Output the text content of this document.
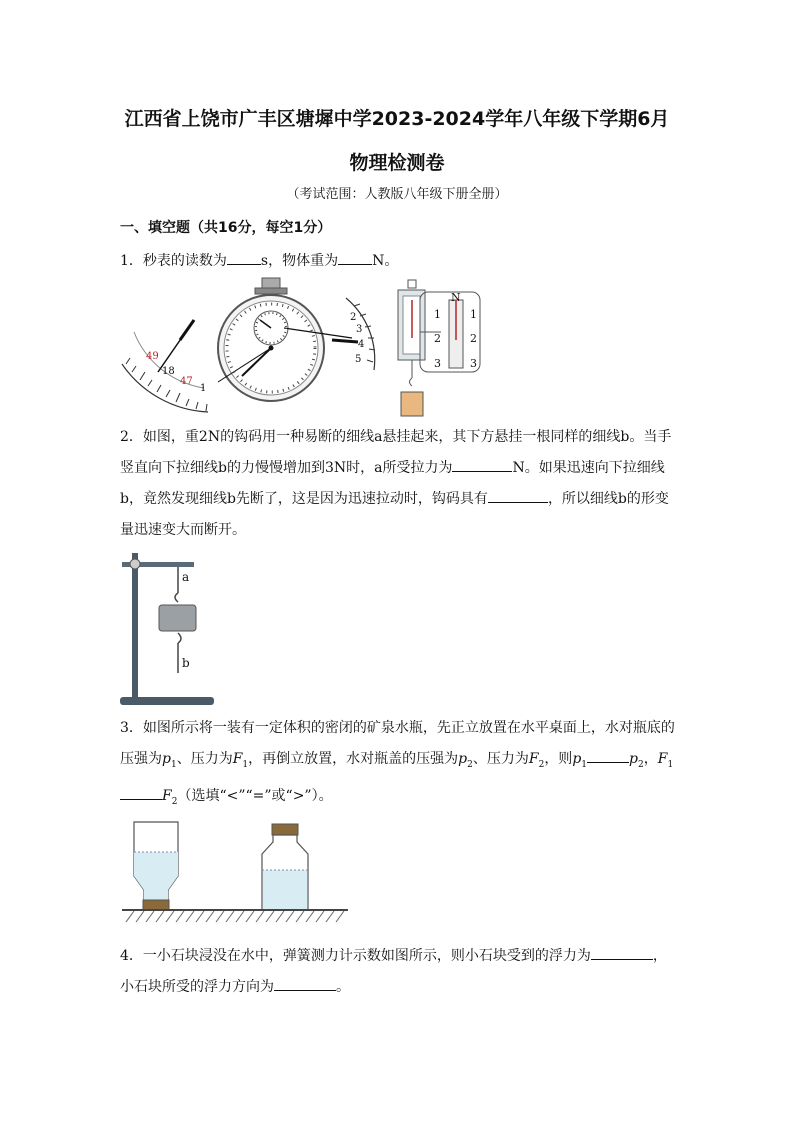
江西省上饶市广丰区塘墀中学2023-2024学年八年级下学期6月
物理检测卷
（考试范围：人教版八年级下册全册）
一、填空题（共16分，每空1分）
1．秒表的读数为 s，物体重为 N。
49
18
47
1
2
3
4
5
N
1
2
3
1
2
3
2．如图，重2N的钩码用一种易断的细线a悬挂起来，其下方悬挂一根同样的细线b。当手竖直向下拉细线b的力慢慢增加到3N时，a所受拉力为	N。如果迅速向下拉细线b，竟然发现细线b先断了，这是因为迅速拉动时，钩码具有	，所以细线b的形变量迅速变大而断开。
a
b
3．如图所示将一装有一定体积的密闭的矿泉水瓶，先正立放置在水平桌面上，水对瓶底的压强为$p_1$、压力为$F_1$，再倒立放置，水对瓶盖的压强为$p_2$、压力为$F_2$，则$p_1$	$p_2$，$F_1F_2$（选填“<”“=”或“>”）。
4．一小石块浸没在水中，弹簧测力计示数如图所示，则小石块受到的浮力为	，小石块所受的浮力方向为	。
